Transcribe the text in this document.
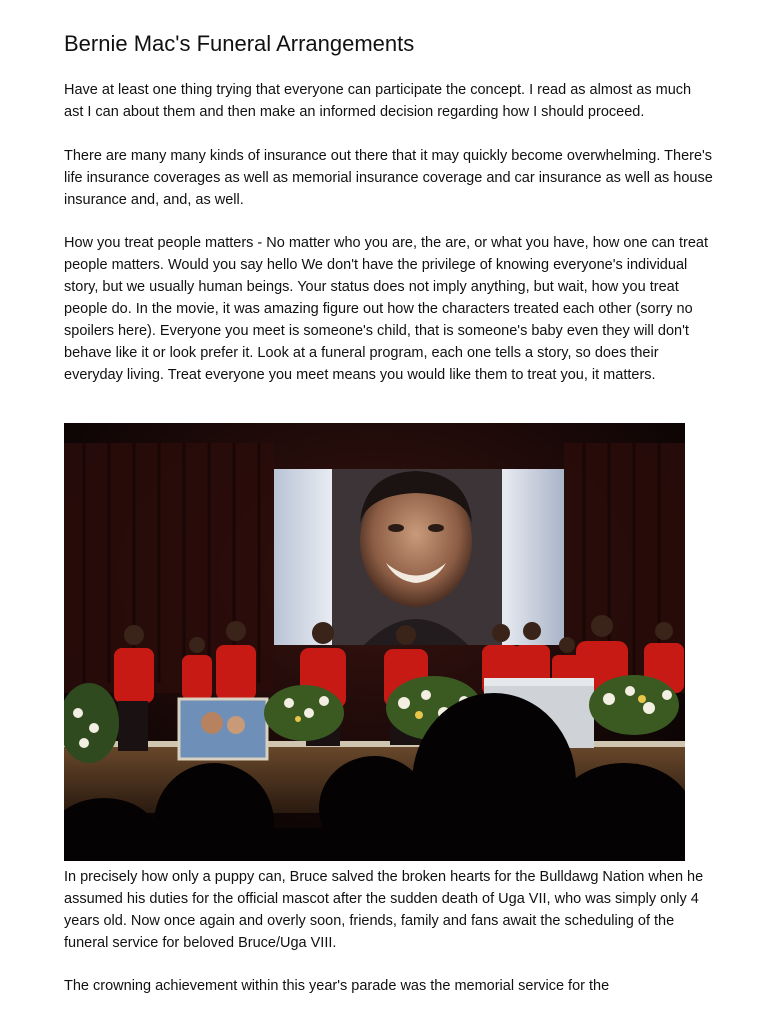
Bernie Mac's Funeral Arrangements

Have at least one thing trying that everyone can participate the concept. I read as almost as much ast I can about them and then make an informed decision regarding how I should proceed.

There are many many kinds of insurance out there that it may quickly become overwhelming. There's life insurance coverages as well as memorial insurance coverage and car insurance as well as house insurance and, and, as well.

How you treat people matters - No matter who you are, the are, or what you have, how one can treat people matters. Would you say hello We don't have the privilege of knowing everyone's individual story, but we usually human beings. Your status does not imply anything, but wait, how you treat people do. In the movie, it was amazing figure out how the characters treated each other (sorry no spoilers here). Everyone you meet is someone's child, that is someone's baby even they will don't behave like it or look prefer it. Look at a funeral program, each one tells a story, so does their everyday living. Treat everyone you meet means you would like them to treat you, it matters.

In precisely how only a puppy can, Bruce salved the broken hearts for the Bulldawg Nation when he assumed his duties for the official mascot after the sudden death of Uga VII, who was simply only 4 years old. Now once again and overly soon, friends, family and fans await the scheduling of the funeral service for beloved Bruce/Uga VIII.

The crowning achievement within this year's parade was the memorial service for the
